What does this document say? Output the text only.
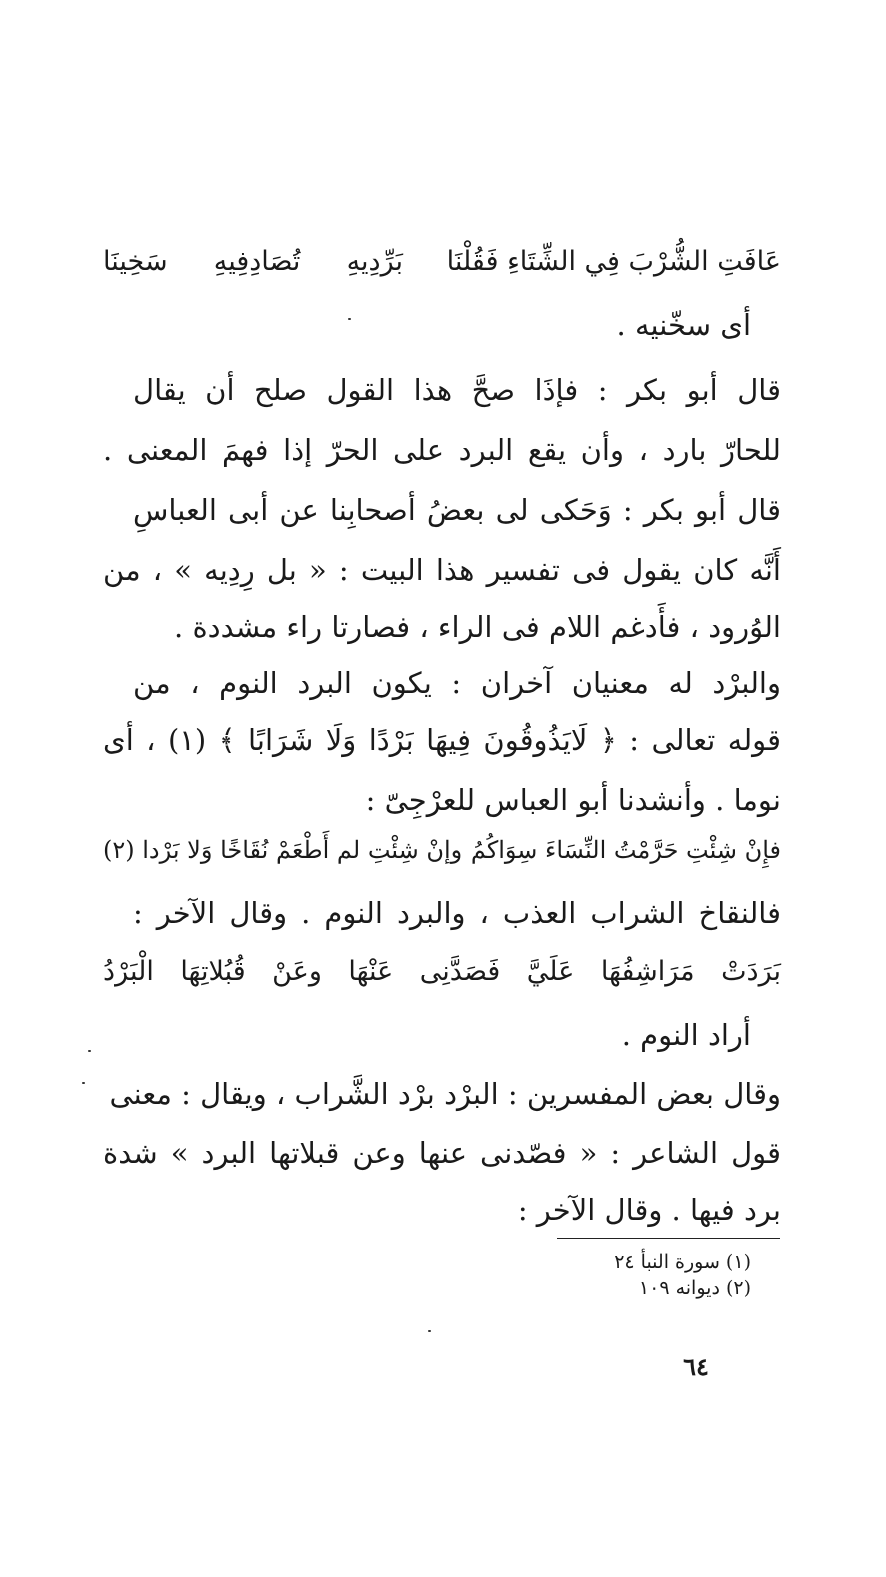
عَافَتِ الشُّرْبَ فِي الشِّتَاءِ فَقُلْنَا
بَرِّدِيهِ
تُصَادِفِيهِ
سَخِينَا
أى سخّنيه .
قال أبو بكر : فإذَا صحَّ هذا القول صلح أن يقال
للحارّ بارد ، وأن يقع البرد على الحرّ إذا فهمَ المعنى .
قال أبو بكر : وَحَكى لى بعضُ أصحابِنا عن أبى العباسِ
أَنَّه كان يقول فى تفسير هذا البيت : « بل رِدِيه » ، من
الوُرود ، فأَدغم اللام فى الراء ، فصارتا راء مشددة .
والبرْد له معنيان آخران : يكون البرد النوم ، من
قوله تعالى : ﴿ لَايَذُوقُونَ فِيهَا بَرْدًا وَلَا شَرَابًا ﴾ (١) ، أى
نوما . وأنشدنا أبو العباس للعرْجِىّ :
فإِنْ شِئْتِ حَرَّمْتُ النِّسَاءَ سِوَاكُمُ
وإنْ شِئْتِ لم أَطْعَمْ نُقَاخًا وَلا بَرْدا (٢)
فالنقاخ الشراب العذب ، والبرد النوم . وقال الآخر :
بَرَدَتْ
مَرَاشِفُهَا
عَلَيَّ
فَصَدَّنِى
عَنْهَا
وعَنْ
قُبُلاتِهَا
الْبَرْدُ
أراد النوم .
وقال بعض المفسرين : البرْد برْد الشَّراب ، ويقال : معنى
قول الشاعر : « فصّدنى عنها وعن قبلاتها البرد » شدة
برد فيها . وقال الآخر :
(١) سورة النبأ ٢٤
(٢) ديوانه ١٠٩
٦٤
